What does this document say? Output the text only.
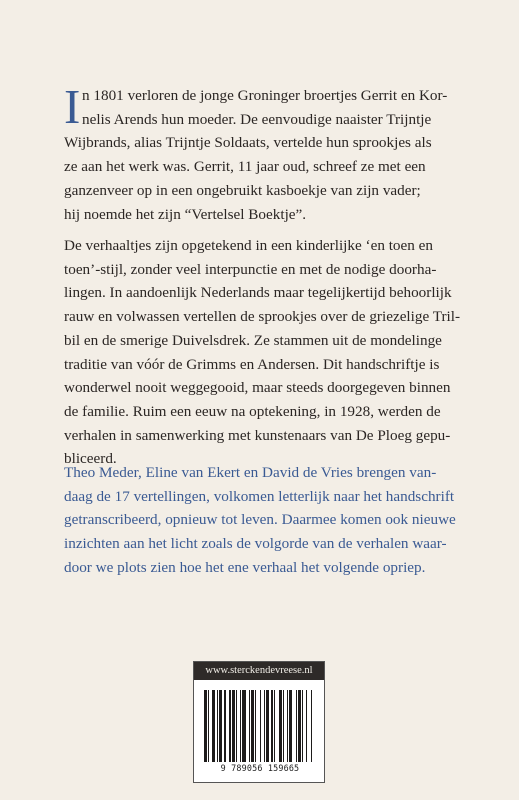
I n 1801 verloren de jonge Groninger broertjes Gerrit en Kor-
nelis Arends hun moeder. De eenvoudige naaister Trijntje
Wijbrands, alias Trijntje Soldaats, vertelde hun sprookjes als
ze aan het werk was. Gerrit, 11 jaar oud, schreef ze met een
ganzenveer op in een ongebruikt kasboekje van zijn vader;
hij noemde het zijn “Vertelsel Boektje”.

De verhaaltjes zijn opgetekend in een kinderlijke ‘en toen en
toen’-stijl, zonder veel interpunctie en met de nodige doorha-
lingen. In aandoenlijk Nederlands maar tegelijkertijd behoorlijk
rauw en volwassen vertellen de sprookjes over de griezelige Tril-
bil en de smerige Duivelsdrek. Ze stammen uit de mondelinge
traditie van vóór de Grimms en Andersen. Dit handschriftje is
wonderwel nooit weggegooid, maar steeds doorgegeven binnen
de familie. Ruim een eeuw na optekening, in 1928, werden de
verhalen in samenwerking met kunstenaars van De Ploeg gepu-
bliceerd.

Theo Meder, Eline van Ekert en David de Vries brengen van-
daag de 17 vertellingen, volkomen letterlijk naar het handschrift
getranscribeerd, opnieuw tot leven. Daarmee komen ook nieuwe
inzichten aan het licht zoals de volgorde van de verhalen waar-
door we plots zien hoe het ene verhaal het volgende opriep.

www.sterckendevreese.nl
9 789056 159665
